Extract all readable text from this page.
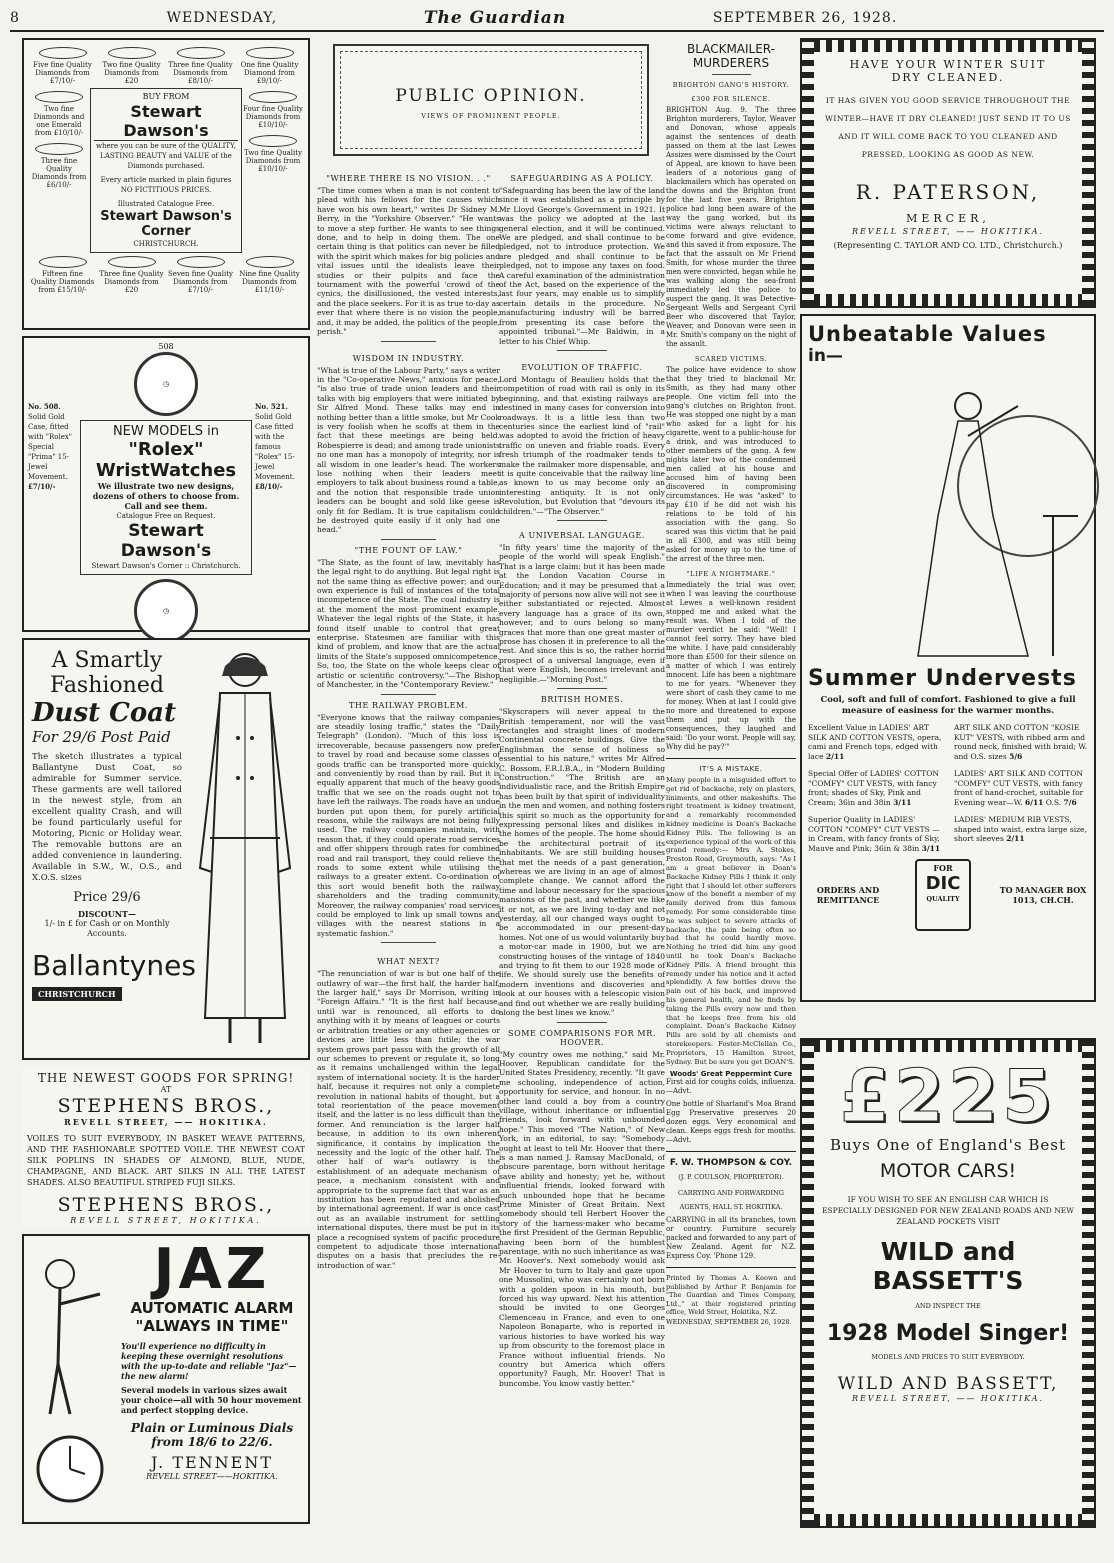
8	WEDNESDAY,	The Guardian	SEPTEMBER 26, 1928.
Five fine Quality Diamonds from £7/10/-
Two fine Quality Diamonds from £20
Three fine Quality Diamonds from £8/10/-
One fine Quality Diamond from £9/10/-
Two fine Diamonds and one Emerald from £10/10/-
Three fine Quality Diamonds from £6/10/-
BUY FROM
Stewart Dawson's
where you can be sure of the QUALITY, LASTING BEAUTY and VALUE of the Diamonds purchased.
Every article marked in plain figures NO FICTITIOUS PRICES.
Illustrated Catalogue Free.
Stewart Dawson's Corner
CHRISTCHURCH.
Four fine Quality Diamonds from £10/10/-
Two fine Quality Diamonds from £10/10/-
Fifteen fine Quality Diamonds from £15/10/-
Three fine Quality Diamonds from £20
Seven fine Quality Diamonds from £7/10/-
Nine fine Quality Diamonds from £11/10/-
No. 508.
Solid Gold Case, fitted with "Rolex" Special "Prima" 15-Jewel Movement.
£7/10/-
508
◷
NEW MODELS in
"Rolex" WristWatches
We illustrate two new designs, dozens of others to choose from. Call and see them.
Catalogue Free on Request.
Stewart Dawson's
Stewart Dawson's Corner :: Christchurch.
◷
No. 521.
Solid Gold Case fitted with the famous "Rolex" 15-Jewel Movement.
£8/10/-
A Smartly
Fashioned
Dust Coat
For 29/6 Post Paid
The sketch illustrates a typical Ballantyne Dust Coat, so admirable for Summer service. These garments are well tailored in the newest style, from an excellent quality Crash, and will be found particularly useful for Motoring, Picnic or Holiday wear. The removable buttons are an added convenience in laundering. Available in S.W., W., O.S., and X.O.S. sizes
Price 29/6
DISCOUNT—
1/- in £ for Cash or on Monthly Accounts.
Ballantynes
CHRISTCHURCH
THE NEWEST GOODS FOR SPRING!
AT
STEPHENS BROS.,
REVELL STREET, —— HOKITIKA.
VOILES TO SUIT EVERYBODY, IN BASKET WEAVE PATTERNS, AND THE FASHIONABLE SPOTTED VOILE. THE NEWEST COAT SILK POPLINS IN SHADES OF ALMOND, BLUE, NUDE, CHAMPAGNE, AND BLACK. ART SILKS IN ALL THE LATEST SHADES. ALSO BEAUTIFUL STRIPED FUJI SILKS.
STEPHENS BROS.,
REVELL STREET, HOKITIKA.
JAZ
AUTOMATIC ALARM
"ALWAYS IN TIME"
You'll experience no difficulty in keeping these overnight resolutions with the up-to-date and reliable "Jaz"—the new alarm!
Several models in various sizes await your choice—all with 50 hour movement and perfect stopping device.
Plain or Luminous Dials from 18/6 to 22/6.
J. TENNENT
REVELL STREET——HOKITIKA.
PUBLIC OPINION.
VIEWS OF PROMINENT PEOPLE.
"WHERE THERE IS NO VISION. . ."
"The time comes when a man is not content to plead with his fellows for the causes which have won his own heart," writes Dr Sidney M. Berry, in the "Yorkshire Observer." "He wants to move a step further. He wants to see things done, and to help in doing them. The one certain thing is that politics can never be filled with the spirit which makes for big policies and vital issues until the idealists leave their studies or their pulpits and face the tournament with the powerful 'crowd of the cynics, the disillusioned, the vested interests, and the place seekers. For it is as true to-day as ever that where there is no vision the people, and, it may be added, the politics of the people, perish."
WISDOM IN INDUSTRY.
"What is true of the Labour Party," says a writer in the "Co-operative News," anxious for peace, "is also true of trade union leaders and their talks with big employers that were initiated by Sir Alfred Mond. These talks may end in nothing better than a little smoke, but Mr Cook is very foolish when he scoffs at them in the fact that these meetings are being held. Robespierre is dead; and among trade unionists no one man has a monopoly of integrity, nor is all wisdom in one leader's head. The workers lose nothing when their leaders meet employers to talk about business round a table, and the notion that responsible trade union leaders can be bought and sold like geese is only fit for Bedlam. It is true capitalism could be destroyed quite easily if it only had one head."
"THE FOUNT OF LAW."
"The State, as the fount of law, inevitably has the legal right to do anything. But legal right is not the same thing as effective power; and our own experience is full of instances of the total incompetence of the State. The coal industry is at the moment the most prominent example. Whatever the legal rights of the State, it has found itself unable to control that great enterprise. Statesmen are familiar with this kind of problem, and know that are the actual limits of the State's supposed omnicompetence. So, too, the State on the whole keeps clear of artistic or scientific controversy."—The Bishop of Manchester, in the "Contemporary Review."
THE RAILWAY PROBLEM.
"Everyone knows that the railway companies are steadily losing traffic," states the "Daily Telegraph" (London). "Much of this loss is irrecoverable, because passengers now prefer to travel by road and because some classes of goods traffic can be transported more quickly and conveniently by road than by rail. But it is equally apparent that much of the heavy goods traffic that we see on the roads ought not to have left the railways. The roads have an undue burden put upon them, for purely artificial reasons, while the railways are not being fully used. The railway companies maintain, with reason that, if they could operate road services and offer shippers through rates for combined road and rail transport, they could relieve the roads to some extent while utilising the railways to a greater extent. Co-ordination of this sort would benefit both the railway shareholders and the trading community. Moreover, the railway companies' road services could be employed to link up small towns and villages with the nearest stations in a systematic fashion."
WHAT NEXT?
"The renunciation of war is but one half of the outlawry of war—the first half, the harder half, the larger half," says Dr Morrison, writing in "Foreign Affairs." "It is the first half because, until war is renounced, all efforts to do anything with it by means of leagues or courts or arbitration treaties or any other agencies or devices are little less than futile; the war system grows part passu with the growth of all our schemes to prevent or regulate it, so long as it remains unchallenged within the legal system of international society. It is the harder half, because it requires not only a complete revolution in national habits of thought, but a total reorientation of the peace movement itself, and the latter is no less difficult than the former. And renunciation is the larger half because, in addition to its own inherent significance, it contains by implication the necessity and the logic of the other half. The other half of war's outlawry is the establishment of an adequate mechanism of peace, a mechanism consistent with and appropriate to the supreme fact that war as an institution has been repudiated and abolished by international agreement. If war is once cast out as an available instrument for settling international disputes, there must be put in its place a recognised system of pacific procedure competent to adjudicate those international disputes on a basis that precludes the re-introduction of war."
SAFEGUARDING AS A POLICY.
"Safeguarding has been the law of the land since it was established as a principle by Mr Lloyd George's Government in 1921. It was the policy we adopted at the last general election, and it will be continued. We are pledged, and shall continue to be pledged, not to introduce protection. We are pledged and shall continue to be pledged, not to impose any taxes on food. A careful examination of the administration of the Act, based on the experience of the last four years, may enable us to simplify certain details in the procedure. No manufacturing industry will be barred from presenting its case before the appointed tribunal."—Mr Baldwin, in a letter to his Chief Whip.
EVOLUTION OF TRAFFIC.
Lord Montagu of Beaulieu holds that the competition of road with rail is only in its beginning, and that existing railways are destined in many cases for conversion into roadways. It is a little less than two centuries since the earliest kind of "rail" was adopted to avoid the friction of heavy traffic on uneven and friable roads. Every fresh triumph of the roadmaker tends to make the railmaker more dispensable, and it is quite conceivable that the railway line as known to us may become only an interesting antiquity. It is not only Revolution, but Evolution that "devours its children."—"The Observer."
A UNIVERSAL LANGUAGE.
"In fifty years' time the majority of the people of the world will speak English." That is a large claim; but it has been made at the London Vacation Course in Education; and it may be presumed that a majority of persons now alive will not see it either substantiated or rejected. Almost every language has a grace of its own, however, and to ours belong so many graces that more than one great master of prose has chosen it in preference to all the rest. And since this is so, the rather horrid prospect of a universal language, even if that were English, becomes irrelevant and negligible.—"Morning Post."
BRITISH HOMES.
"Skyscrapers will never appeal to the British temperament, nor will the vast rectangles and straight lines of modern Continental concrete buildings. Give the Englishman the sense of holiness so essential to his nature," writes Mr Alfred C. Bossom, F.R.I.B.A., in "Modern Building Construction." "The British are an individualistic race, and the British Empire has been built by that spirit of individuality in the men and women, and nothing fosters this spirit so much as the opportunity for expressing personal likes and dislikes in the homes of the people. The home should be the architectural portrait of its inhabitants. We are still building houses that met the needs of a past generation, whereas we are living in an age of almost complete change. We cannot afford the time and labour necessary for the spacious mansions of the past, and whether we like it or not, as we are living to-day and not yesterday, all our changed ways ought to be accommodated in our present-day homes. Not one of us would voluntarily buy a motor-car made in 1900, but we are constructing houses of the vintage of 1840 and trying to fit them to our 1928 mode of life. We should surely use the benefits of modern inventions and discoveries and look at our houses with a telescopic vision and find out whether we are really building along the best lines we know."
SOME COMPARISONS FOR MR. HOOVER.
"My country owes me nothing," said Mr. Hoover, Republican candidate for the United States Presidency, recently. "It gave me schooling, independence of action, opportunity for service, and honour. In no other land could a boy from a country village, without inheritance or influential friends, look forward with unbounded hope." This moved "The Nation," of New York, in an editorial, to say: "Somebody ought at least to tell Mr. Hoover that there is a man named J. Ramsay MacDonald, of obscure parentage, born without heritage save ability and honesty; yet he, without influential friends, looked forward with such unbounded hope that he became Prime Minister of Great Britain. Next somebody should tell Herbert Hoover the story of the harness-maker who became the first President of the German Republic, having been born of the humblest parentage, with no such inheritance as was Mr. Hoover's. Next somebody would ask Mr Hoover to turn to Italy and gaze upon one Mussolini, who was certainly not born with a golden spoon in his mouth, but forced his way upward. Next his attention should be invited to one Georges Clemenceau in France, and even to one Napoleon Bonaparte, who is reported in various histories to have worked his way up from obscurity to the foremost place in France without influential friends. No country but America which offers opportunity? Faugh, Mr. Hoover! That is buncombe. You know vastly better."
BLACKMAILER-
MURDERERS
BRIGHTON GANG'S HISTORY.
£300 FOR SILENCE.
BRIGHTON Aug. 9. The three Brighton murderers, Taylor, Weaver and Donovan, whose appeals against the sentences of death passed on them at the last Lewes Assizes were dismissed by the Court of Appeal, are known to have been leaders of a notorious gang of blackmailers which has operated on the downs and the Brighton front for the last five years. Brighton police had long been aware of the way the gang worked, but its victims were always reluctant to come forward and give evidence, and this saved it from exposure. The fact that the assault on Mr Friend Smith, for whose murder the three men were convicted, began while he was walking along the sea-front immediately led the police to suspect the gang. It was Detective-Sergeant Wells and Sergeant Cyril Beer who discovered that Taylor, Weaver, and Donovan were seen in Mr. Smith's company on the night of the assault.
SCARED VICTIMS.
The police have evidence to show that they tried to blackmail Mr. Smith, as they had many other people. One victim fell into the gang's clutches on Brighton front. He was stopped one night by a man who asked for a light for his cigarette, went to a public-house for a drink, and was introduced to other members of the gang. A few nights later two of the condemned men called at his house and accused him of having been discovered in compromising circumstances. He was "asked" to pay £10 if he did not wish his relations to be told of his association with the gang. So scared was this victim that he paid in all £300, and was still being asked for money up to the time of the arrest of the three men.
"LIFE A NIGHTMARE."
Immediately the trial was over, when I was leaving the courthouse at Lewes a well-known resident stopped me and asked what the result was. When I told of the murder verdict he said: "Well! I cannot feel sorry. They have bled me white. I have paid considerably more than £500 for their silence on a matter of which I was entirely innocent. Life has been a nightmare to me for years. "Whenever they were short of cash they came to me for money. When at last I could give no more and threatened to expose them and put up with the consequences, they laughed and said: 'Do your worst. People will say, Why did he pay?'"
IT'S A MISTAKE.
Many people in a misguided effort to get rid of backache, rely on plasters, liniments, and other makeshifts. The right treatment is kidney treatment, and a remarkably recommended kidney medicine is Doan's Backache Kidney Pills. The following is an experience typical of the work of this grand remedy:— Mrs A. Stokes, Preston Road, Greymouth, says: "As I am a great believer in Doan's Backache Kidney Pills I think it only right that I should let other sufferers know of the benefit a member of my family derived from this famous remedy. For some considerable time he was subject to severe attacks of backache, the pain being often so bad that he could hardly move. Nothing he tried did him any good until he took Doan's Backache Kidney Pills. A friend brought this remedy under his notice and it acted splendidly. A few bottles drove the pain out of his back, and improved his general health, and he finds by taking the Pills every now and then that he keeps free from his old complaint. Doan's Backache Kidney Pills are sold by all chemists and storekeepers. Foster-McClellan Co., Proprietors, 15 Hamilton Street, Sydney. But be sure you get DOAN'S.
Woods' Great Peppermint Cure
First aid for coughs colds, influenza. —Advt.
One bottle of Sharland's Moa Brand Egg Preservative preserves 20 dozen eggs. Very economical and clean. Keeps eggs fresh for months.—Advt.
F. W. THOMPSON & COY.
(J. P. COULSON, PROPRIETOR).
CARRYING AND FORWARDING
AGENTS, HALL ST. HOKITIKA.
CARRYING in all its branches, town or country. Furniture securely packed and forwarded to any part of New Zealand. Agent for N.Z. Express Coy. 'Phone 129.
Printed by Thomas A. Keown and published by Arthur P. Benjamin for "The Guardian and Times Company, Ltd.," at their registered printing office, Weld Street, Hokitika, N.Z.
WEDNESDAY, SEPTEMBER 26, 1928.
HAVE YOUR WINTER SUIT
DRY CLEANED.
IT HAS GIVEN YOU GOOD SERVICE THROUGHOUT THE WINTER—HAVE IT DRY CLEANED! JUST SEND IT TO US AND IT WILL COME BACK TO YOU CLEANED AND PRESSED, LOOKING AS GOOD AS NEW.
R. PATERSON,
MERCER,
REVELL STREET, —— HOKITIKA.
(Representing C. TAYLOR AND CO. LTD., Christchurch.)
Unbeatable Values
in—
Summer Undervests
Cool, soft and full of comfort. Fashioned to give a full measure of easiness for the warmer months.
Excellent Value in LADIES' ART SILK AND COTTON VESTS, opera, cami and French tops, edged with lace 2/11
ART SILK AND COTTON "KOSIE KUT" VESTS, with ribbed arm and round neck, finished with braid; W. and O.S. sizes 5/6
Special Offer of LADIES' COTTON "COMFY" CUT VESTS, with fancy front; shades of Sky, Pink and Cream; 36in and 38in 3/11
LADIES' ART SILK AND COTTON "COMFY" CUT VESTS, with fancy front of hand-crochet, suitable for Evening wear—W. 6/11 O.S. 7/6
Superior Quality in LADIES' COTTON "COMFY" CUT VESTS —in Cream, with fancy fronts of Sky, Mauve and Pink; 36in & 38in 3/11
LADIES' MEDIUM RIB VESTS, shaped into waist, extra large size, short sleeves 2/11
ORDERS AND REMITTANCE
FOR
DIC
QUALITY
TO MANAGER BOX 1013, CH.CH.
£225
Buys One of England's Best
MOTOR CARS!
IF YOU WISH TO SEE AN ENGLISH CAR WHICH IS ESPECIALLY DESIGNED FOR NEW ZEALAND ROADS AND NEW ZEALAND POCKETS VISIT
WILD and BASSETT'S
AND INSPECT THE
1928 Model Singer!
MODELS AND PRICES TO SUIT EVERYBODY.
WILD AND BASSETT,
REVELL STREET, —— HOKITIKA.
